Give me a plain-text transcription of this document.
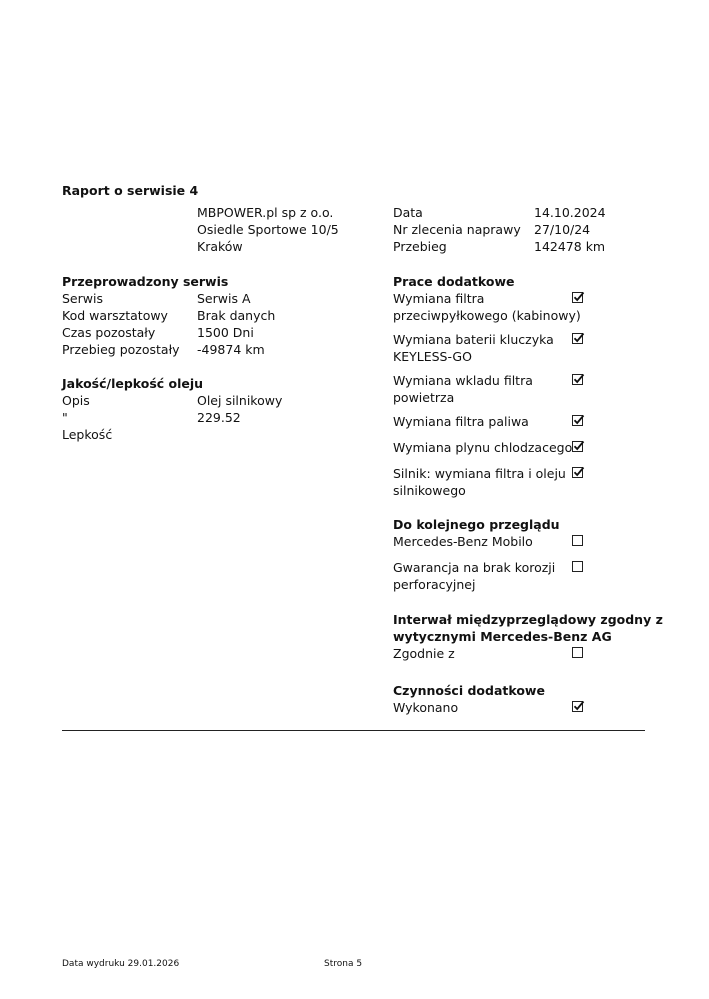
Raport o serwisie 4
MBPOWER.pl sp z o.o.
Osiedle Sportowe 10/5
Kraków
Data	14.10.2024
Nr zlecenia naprawy 27/10/24
Przebieg	142478 km
Przeprowadzony serwis
Serwis	Serwis A
Kod warsztatowy Brak danych
Czas pozostały	1500 Dni
Przebieg pozostały -49874 km
Jakość/lepkość oleju
Opis	Olej silnikowy
"	229.52
Lepkość
Prace dodatkowe
Wymiana filtra
przeciwpyłkowego (kabinowy)
Wymiana baterii kluczyka
KEYLESS-GO
Wymiana wkladu filtra
powietrza
Wymiana filtra paliwa
Wymiana plynu chlodzacego
Silnik: wymiana filtra i oleju
silnikowego
Do kolejnego przeglądu
Mercedes-Benz Mobilo
Gwarancja na brak korozji
perforacyjnej
Interwał międzyprzeglądowy zgodny z
wytycznymi Mercedes-Benz AG
Zgodnie z
Czynności dodatkowe
Wykonano
Data wydruku 29.01.2026	Strona 5
